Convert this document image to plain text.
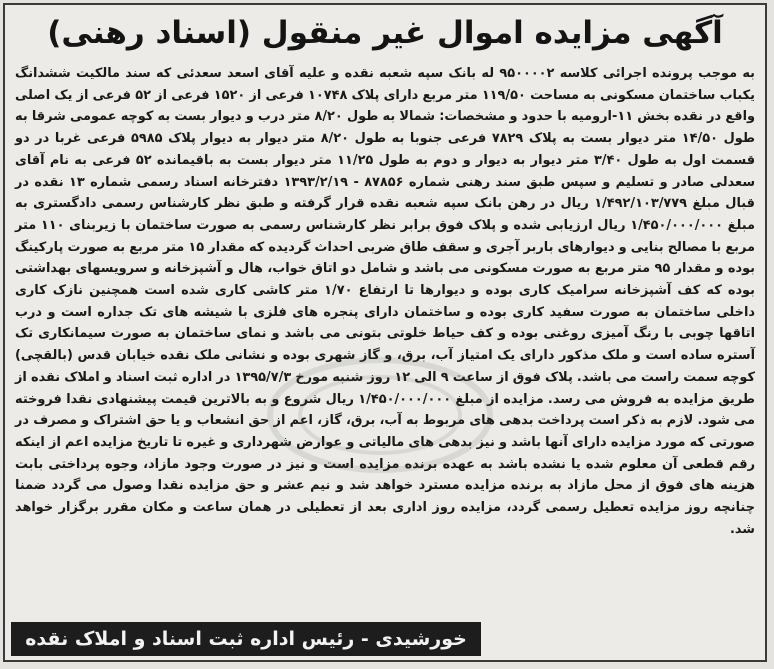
آگهی مزایده اموال غیر منقول (اسناد رهنی)

به موجب پرونده اجرائی کلاسه ۹۵۰۰۰۰۲ له بانک سپه شعبه نقده و علیه آقای اسعد سعدئی که سند مالکیت ششدانگ یکباب ساختمان مسکونی به مساحت ۱۱۹/۵۰ متر مربع دارای پلاک ۱۰۷۴۸ فرعی از ۱۵۲۰ فرعی از ۵۲ فرعی از یک اصلی واقع در نقده بخش ۱۱-ارومیه با حدود و مشخصات: شمالا به طول ۸/۲۰ متر درب و دیوار بست به کوچه عمومی شرقا به طول ۱۴/۵۰ متر دیوار بست به پلاک ۷۸۲۹ فرعی جنوبا به طول ۸/۲۰ متر دیوار به دیوار پلاک ۵۹۸۵ فرعی غربا در دو قسمت اول به طول ۳/۴۰ متر دیوار به دیوار و دوم به طول ۱۱/۲۵ متر دیوار بست به باقیمانده ۵۲ فرعی به نام آقای سعدلی صادر و تسلیم و سپس طبق سند رهنی شماره ۸۷۸۵۶ - ۱۳۹۳/۲/۱۹ دفترخانه اسناد رسمی شماره ۱۳ نقده در قبال مبلغ ۱/۴۹۲/۱۰۳/۷۷۹ ریال در رهن بانک سپه شعبه نقده قرار گرفته و طبق نظر کارشناس رسمی دادگستری به مبلغ ۱/۴۵۰/۰۰۰/۰۰۰ ریال ارزیابی شده و پلاک فوق برابر نظر کارشناس رسمی به صورت ساختمان با زیربنای ۱۱۰ متر مربع با مصالح بنایی و دیوارهای باربر آجری و سقف طاق ضربی احداث گردیده که مقدار ۱۵ متر مربع به صورت پارکینگ بوده و مقدار ۹۵ متر مربع به صورت مسکونی می باشد و شامل دو اتاق خواب، هال و آشپزخانه و سرویسهای بهداشتی بوده که کف آشپزخانه سرامیک کاری بوده و دیوارها تا ارتفاع ۱/۷۰ متر کاشی کاری شده است همچنین نازک کاری داخلی ساختمان به صورت سفید کاری بوده و ساختمان دارای پنجره های فلزی با شیشه های تک جداره است و درب اتاقها چوبی با رنگ آمیزی روغنی بوده و کف حیاط خلوتی بتونی می باشد و نمای ساختمان به صورت سیمانکاری تک آستره ساده است و ملک مذکور دارای یک امتیاز آب، برق، و گاز شهری بوده و نشانی ملک نقده خیابان قدس (بالقچی) کوچه سمت راست می باشد. پلاک فوق از ساعت ۹ الی ۱۲ روز شنبه مورخ ۱۳۹۵/۷/۳ در اداره ثبت اسناد و املاک نقده از طریق مزایده به فروش می رسد. مزایده از مبلغ ۱/۴۵۰/۰۰۰/۰۰۰ ریال شروع و به بالاترین قیمت پیشنهادی نقدا فروخته می شود. لازم به ذکر است پرداخت بدهی های مربوط به آب، برق، گاز، اعم از حق انشعاب و یا حق اشتراک و مصرف در صورتی که مورد مزایده دارای آنها باشد و نیز بدهی های مالیاتی و عوارض شهرداری و غیره تا تاریخ مزایده اعم از اینکه رقم قطعی آن معلوم شده یا نشده باشد به عهده برنده مزایده است و نیز در صورت وجود مازاد، وجوه پرداختی بابت هزینه های فوق از محل مازاد به برنده مزایده مسترد خواهد شد و نیم عشر و حق مزایده نقدا وصول می گردد ضمنا چنانچه روز مزایده تعطیل رسمی گردد، مزایده روز اداری بعد از تعطیلی در همان ساعت و مکان مقرر برگزار خواهد شد.

خورشیدی - رئیس اداره ثبت اسناد و املاک نقده
